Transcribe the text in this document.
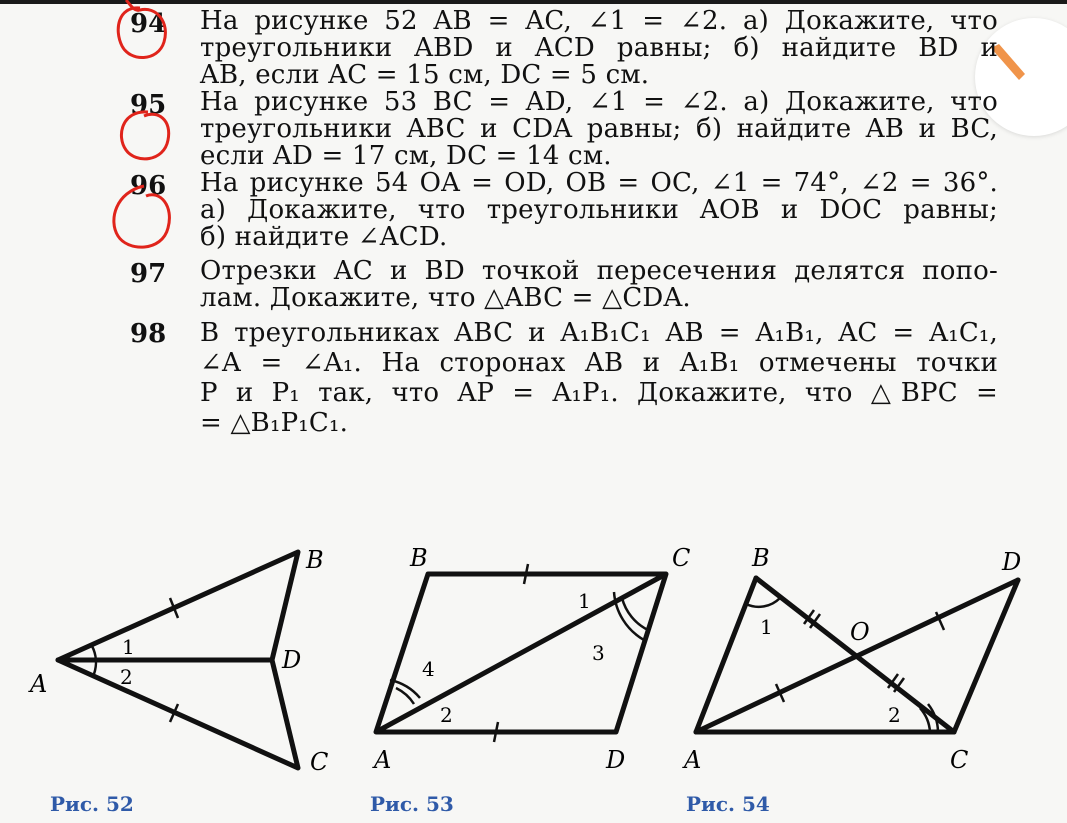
94	На рисунке 52 AB = AC, ∠1 = ∠2. а) Докажите, что
треугольники ABD и ACD равны; б) найдите BD и
AB, если AC = 15 см, DC = 5 см.
95	На рисунке 53 BC = AD, ∠1 = ∠2. а) Докажите, что
треугольники ABC и CDA равны; б) найдите AB и BC,
если AD = 17 см, DC = 14 см.
96	На рисунке 54 OA = OD, OB = OC, ∠1 = 74°, ∠2 = 36°.
а) Докажите, что треугольники AOB и DOC равны;
б) найдите ∠ACD.
97	Отрезки AC и BD точкой пересечения делятся попо-
лам. Докажите, что △ABC = △CDA.
98	В треугольниках ABC и A₁B₁C₁ AB = A₁B₁, AC = A₁C₁,
∠A = ∠A₁. На сторонах AB и A₁B₁ отмечены точки
P и P₁ так, что AP = A₁P₁. Докажите, что △BPC =
= △B₁P₁C₁.
B
D
A
C
1
2
Рис. 52
B	C
A	D
1
2
3
4
Рис. 53
B	D
O
A	C
1
2
Рис. 54
